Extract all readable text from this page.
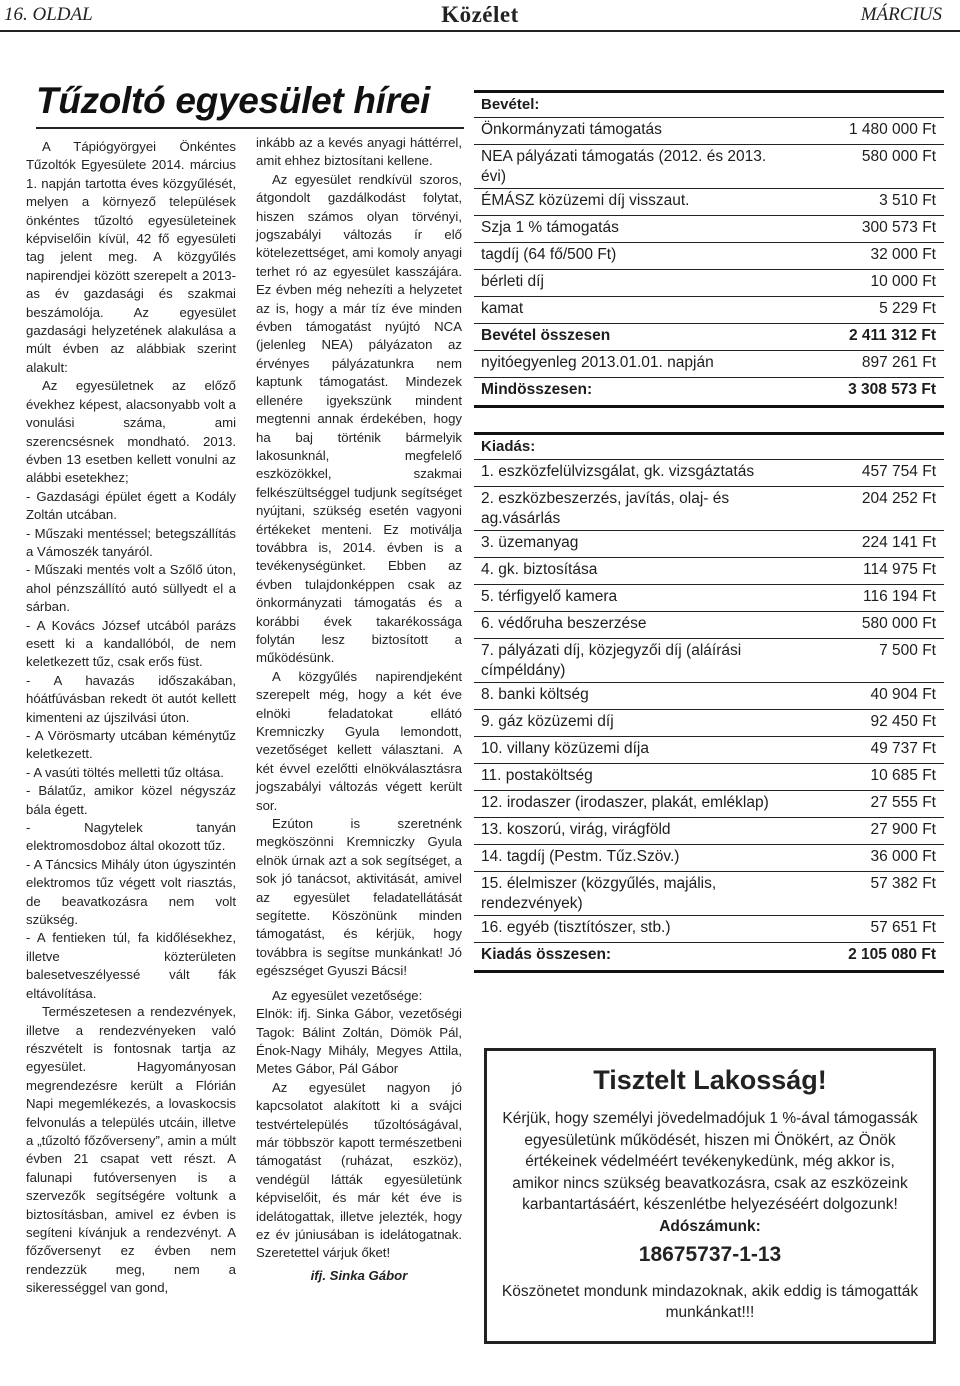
16. OLDAL	Közélet	MÁRCIUS
Tűzoltó egyesület hírei

A Tápiógyörgyei Önkéntes Tűzoltók Egyesülete 2014. március 1. napján tartotta éves közgyűlését, melyen a környező települések önkéntes tűzoltó egyesületeinek képviselőin kívül, 42 fő egyesületi tag jelent meg. A közgyűlés napirendjei között szerepelt a 2013-as év gazdasági és szakmai beszámolója. Az egyesület gazdasági helyzetének alakulása a múlt évben az alábbiak szerint alakult:

Az egyesületnek az előző évekhez képest, alacsonyabb volt a vonulási száma, ami szerencsésnek mondható. 2013. évben 13 esetben kellett vonulni az alábbi esetekhez;

- Gazdasági épület égett a Kodály Zoltán utcában.

- Műszaki mentéssel; betegszállítás a Vámoszék tanyáról.

- Műszaki mentés volt a Szőlő úton, ahol pénzszállító autó süllyedt el a sárban.

- A Kovács József utcából parázs esett ki a kandallóból, de nem keletkezett tűz, csak erős füst.

- A havazás időszakában, hóátfúvásban rekedt öt autót kellett kimenteni az újszilvási úton.

- A Vörösmarty utcában kéménytűz keletkezett.

- A vasúti töltés melletti tűz oltása.

- Bálatűz, amikor közel négyszáz bála égett.

- Nagytelek tanyán elektromosdoboz által okozott tűz.

- A Táncsics Mihály úton úgyszintén elektromos tűz végett volt riasztás, de beavatkozásra nem volt szükség.

- A fentieken túl, fa kidőlésekhez, illetve közterületen balesetveszélyessé vált fák eltávolítása.

Természetesen a rendezvények, illetve a rendezvényeken való részvételt is fontosnak tartja az egyesület. Hagyományosan megrendezésre került a Flórián Napi megemlékezés, a lovaskocsis felvonulás a település utcáin, illetve a „tűzoltó főzőverseny”, amin a múlt évben 21 csapat vett részt. A falunapi futóversenyen is a szervezők segítségére voltunk a biztosításban, amivel ez évben is segíteni kívánjuk a rendezvényt. A főzőversenyt ez évben nem rendezzük meg, nem a sikerességgel van gond,

inkább az a kevés anyagi háttérrel, amit ehhez biztosítani kellene.

Az egyesület rendkívül szoros, átgondolt gazdálkodást folytat, hiszen számos olyan törvényi, jogszabályi változás ír elő kötelezettséget, ami komoly anyagi terhet ró az egyesület kasszájára. Ez évben még nehezíti a helyzetet az is, hogy a már tíz éve minden évben támogatást nyújtó NCA (jelenleg NEA) pályázaton az érvényes pályázatunkra nem kaptunk támogatást. Mindezek ellenére igyekszünk mindent megtenni annak érdekében, hogy ha baj történik bármelyik lakosunknál, megfelelő eszközökkel, szakmai felkészültséggel tudjunk segítséget nyújtani, szükség esetén vagyoni értékeket menteni. Ez motiválja továbbra is, 2014. évben is a tevékenységünket. Ebben az évben tulajdonképpen csak az önkormányzati támogatás és a korábbi évek takarékossága folytán lesz biztosított a működésünk.

A közgyűlés napirendjeként szerepelt még, hogy a két éve elnöki feladatokat ellátó Kremniczky Gyula lemondott, vezetőséget kellett választani. A két évvel ezelőtti elnökválasztásra jogszabályi változás végett került sor.

Ezúton is szeretnénk megköszönni Kremniczky Gyula elnök úrnak azt a sok segítséget, a sok jó tanácsot, aktivitását, amivel az egyesület feladatellátását segítette. Köszönünk minden támogatást, és kérjük, hogy továbbra is segítse munkánkat! Jó egészséget Gyuszi Bácsi!

Az egyesület vezetősége:

Elnök: ifj. Sinka Gábor, vezetőségi Tagok: Bálint Zoltán, Dömök Pál, Énok-Nagy Mihály, Megyes Attila, Metes Gábor, Pál Gábor

Az egyesület nagyon jó kapcsolatot alakított ki a svájci testvértelepülés tűzoltóságával, már többször kapott természetbeni támogatást (ruházat, eszköz), vendégül látták egyesületünk képviselőit, és már két éve is idelátogattak, illetve jelezték, hogy ez év júniusában is idelátogatnak. Szeretettel várjuk őket!

ifj. Sinka Gábor

Bevétel:
Önkormányzati támogatás	1 480 000 Ft
NEA pályázati támogatás (2012. és 2013. évi)
580 000 Ft
ÉMÁSZ közüzemi díj visszaut.	3 510 Ft
Szja 1 % támogatás	300 573 Ft
tagdíj (64 fő/500 Ft)	32 000 Ft
bérleti díj	10 000 Ft
kamat	5 229 Ft
Bevétel összesen	2 411 312 Ft
nyitóegyenleg 2013.01.01. napján	897 261 Ft
Mindösszesen:	3 308 573 Ft
Kiadás:
1. eszközfelülvizsgálat, gk. vizsgáztatás	457 754 Ft
2. eszközbeszerzés, javítás, olaj- és ag.vásárlás
204 252 Ft
3. üzemanyag	224 141 Ft
4. gk. biztosítása	114 975 Ft
5. térfigyelő kamera	116 194 Ft
6. védőruha beszerzése	580 000 Ft
7. pályázati díj, közjegyzői díj (aláírási címpéldány)
7 500 Ft
8. banki költség	40 904 Ft
9. gáz közüzemi díj	92 450 Ft
10. villany közüzemi díja	49 737 Ft
11. postaköltség	10 685 Ft
12. irodaszer (irodaszer, plakát, emléklap)	27 555 Ft
13. koszorú, virág, virágföld	27 900 Ft
14. tagdíj (Pestm. Tűz.Szöv.)	36 000 Ft
15. élelmiszer (közgyűlés, majális, rendezvények)
57 382 Ft
16. egyéb (tisztítószer, stb.)	57 651 Ft
Kiadás összesen:	2 105 080 Ft
Tisztelt Lakosság!
Kérjük, hogy személyi jövedelmadójuk 1 %-ával támogassák egyesületünk működését, hiszen mi Önökért, az Önök értékeinek védelméért tevékenykedünk, még akkor is, amikor nincs szükség beavatkozásra, csak az eszközeink karbantartásáért, készenlétbe helyezéséért dolgozunk!
Adószámunk:
18675737-1-13
Köszönetet mondunk mindazoknak, akik eddig is támogatták munkánkat!!!
